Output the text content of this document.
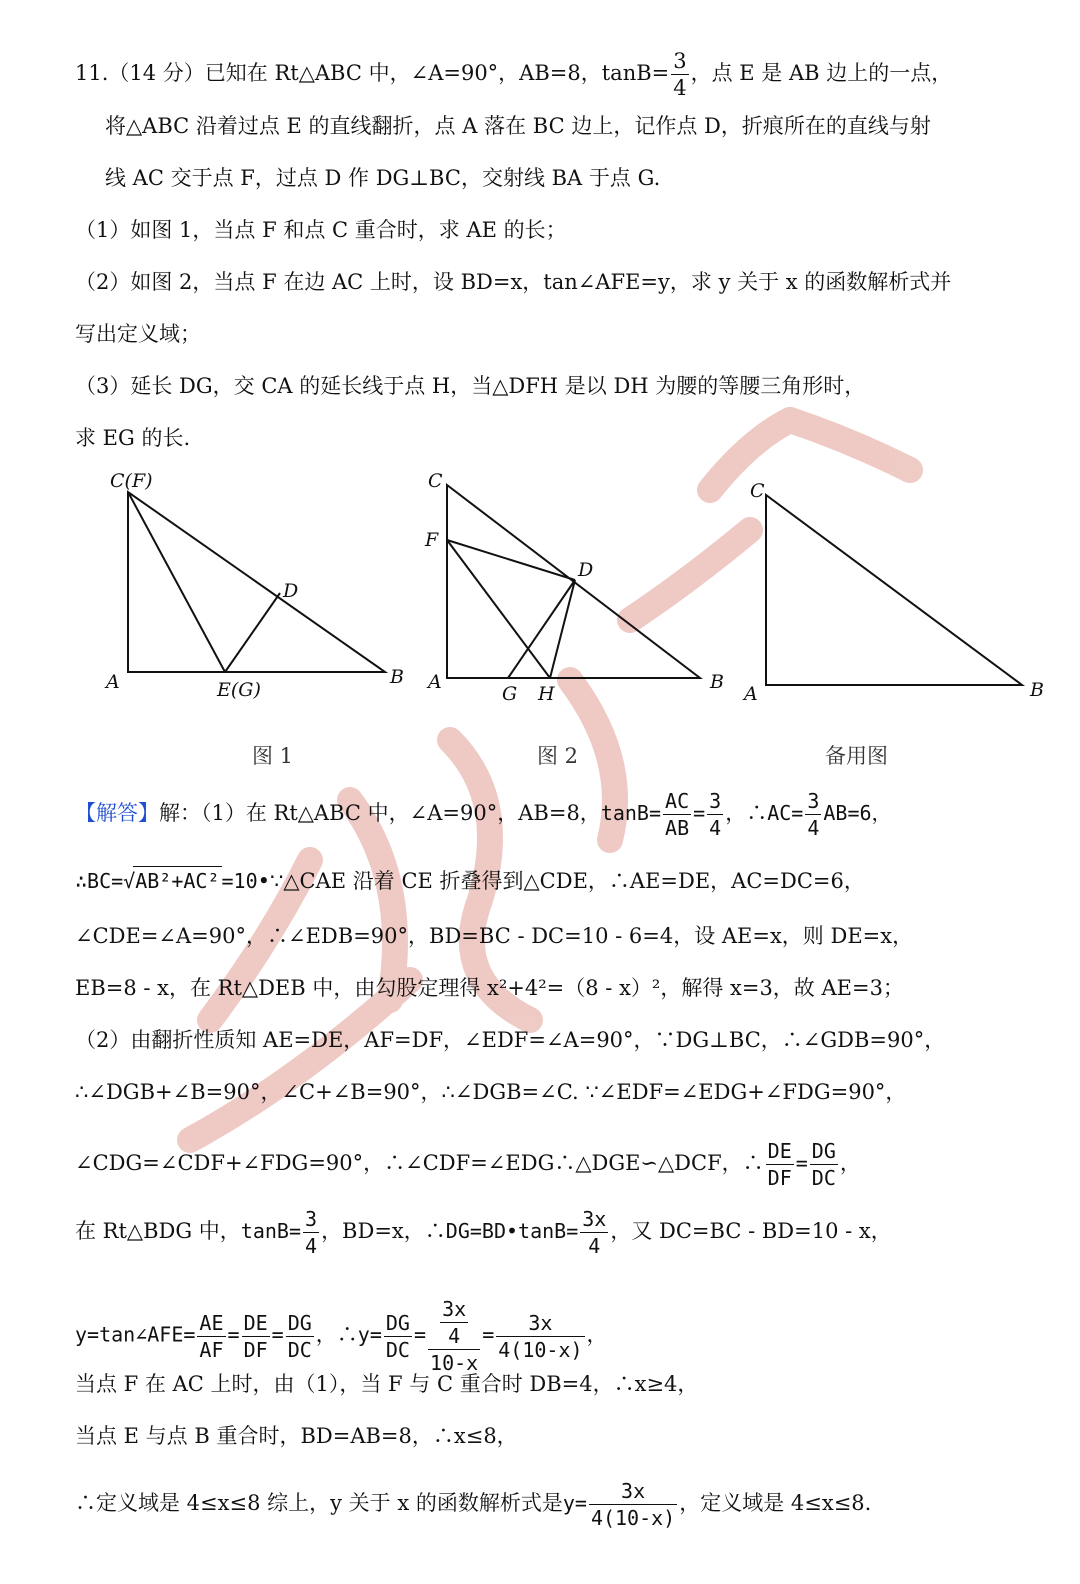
11.（14 分）已知在 Rt△ABC 中，∠A=90°，AB=8，$\tan B= \frac{3}{4}$ ，点 E 是 AB 边上的一点，
将△ABC 沿着过点 E 的直线翻折，点 A 落在 BC 边上，记作点 D，折痕所在的直线与射
线 AC 交于点 F，过点 D 作 DG⊥BC，交射线 BA 于点 G.
（1）如图 1，当点 F 和点 C 重合时，求 AE 的长；
（2）如图 2，当点 F 在边 AC 上时，设 BD=x，tan∠AFE=y，求 y 关于 x 的函数解析式并
写出定义域；
（3）延长 DG，交 CA 的延长线于点 H，当△DFH 是以 DH 为腰的等腰三角形时，
求 EG 的长.
C(F)
A	B
D
E(G)
C
F
A	B
D
G H
C
A	B
图 1	图 2	备用图
【解答】解：（1）在 Rt△ABC 中，∠A=90°，AB=8，$\tan B= \frac{AC}{AB} = \frac{3}{4}$ ，∴AC= $\frac{3}{4} AB=6$，
∴BC=√AB²+AC² =10•∵△CAE 沿着 CE 折叠得到△CDE，∴AE=DE，AC=DC=6，
∠CDE=∠A=90°，∴∠EDB=90°，BD=BC - DC=10 - 6=4，设 AE=x，则 DE=x，
EB=8 - x，在 Rt△DEB 中，由勾股定理得 x²+4²=（8 - x）²，解得 x=3，故 AE=3；
（2）由翻折性质知 AE=DE，AF=DF，∠EDF=∠A=90°，∵DG⊥BC，∴∠GDB=90°，
∴∠DGB+∠B=90°，∠C+∠B=90°，∴∠DGB=∠C. ∵∠EDF=∠EDG+∠FDG=90°，
∠CDG=∠CDF+∠FDG=90°，∴∠CDF=∠EDG∴△DGE∽△DCF，∴ $\frac{DE}{DF} = \frac{DG}{DC}$ ，
在 Rt△BDG 中，$\tan B= \frac{3}{4}$ ，BD=x，∴DG=BD•tanB= $\frac{3x}{4}$ ，又 DC=BC - BD=10 - x，
y=tan∠AFE= $\frac{AE}{AF} = \frac{DE}{DF} = \frac{DG}{DC}$ ，∴y= $\frac{DG}{DC} = \frac{\frac{3x}{4}}{10-x} = \frac{3x}{4(10-x)}$ ，
当点 F 在 AC 上时，由（1），当 F 与 C 重合时 DB=4，∴x≥4，
当点 E 与点 B 重合时，BD=AB=8，∴x≤8，
∴定义域是 4≤x≤8 综上，y 关于 x 的函数解析式是$y= \frac{3x}{4(10-x)}$ ，定义域是 4≤x≤8.
